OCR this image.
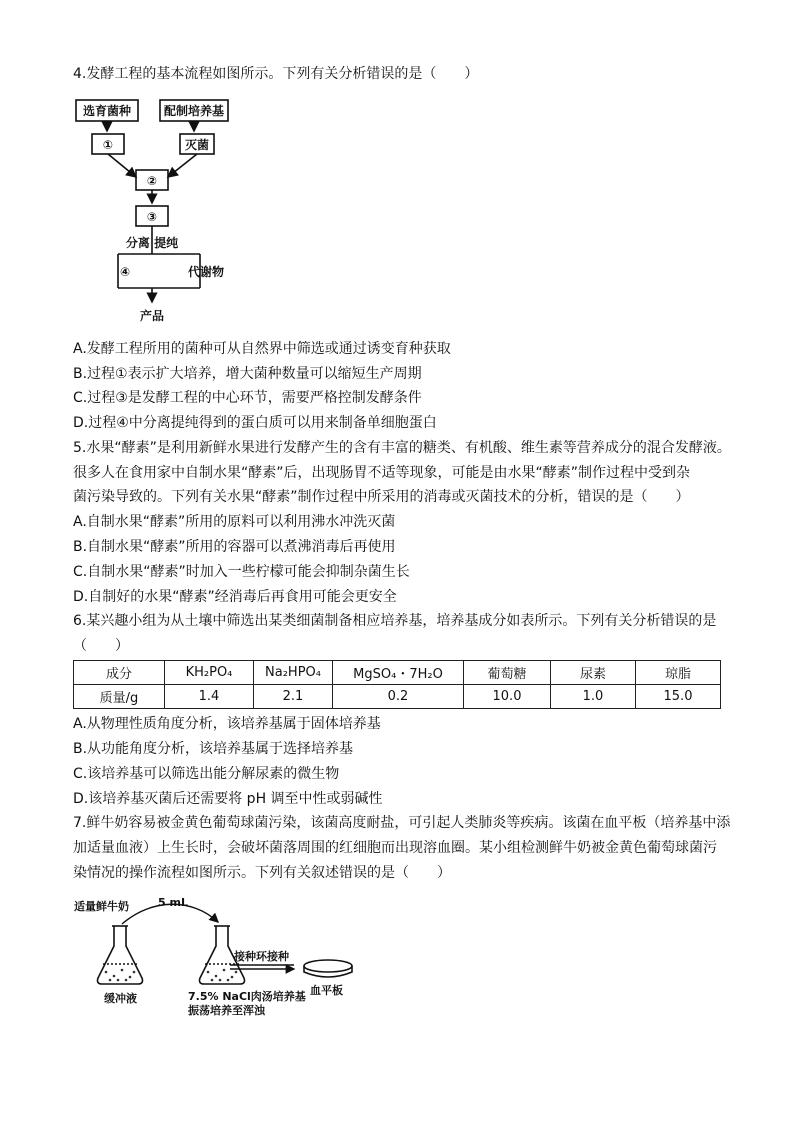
4.发酵工程的基本流程如图所示。下列有关分析错误的是（　　）
选育菌种	配制培养基
①	灭菌
②
③
分离 提纯
④	代谢物
产品
A.发酵工程所用的菌种可从自然界中筛选或通过诱变育种获取
B.过程①表示扩大培养，增大菌种数量可以缩短生产周期
C.过程③是发酵工程的中心环节，需要严格控制发酵条件
D.过程④中分离提纯得到的蛋白质可以用来制备单细胞蛋白
5.水果“酵素”是利用新鲜水果进行发酵产生的含有丰富的糖类、有机酸、维生素等营养成分的混合发酵液。
很多人在食用家中自制水果“酵素”后，出现肠胃不适等现象，可能是由水果“酵素”制作过程中受到杂
菌污染导致的。下列有关水果“酵素”制作过程中所采用的消毒或灭菌技术的分析，错误的是（　　）
A.自制水果“酵素”所用的原料可以利用沸水冲洗灭菌
B.自制水果“酵素”所用的容器可以煮沸消毒后再使用
C.自制水果“酵素”时加入一些柠檬可能会抑制杂菌生长
D.自制好的水果“酵素”经消毒后再食用可能会更安全
6.某兴趣小组为从土壤中筛选出某类细菌制备相应培养基，培养基成分如表所示。下列有关分析错误的是
（　　）
成分	KH₂PO₄	Na₂HPO₄	MgSO₄・7H₂O	葡萄糖	尿素	琼脂
质量/g	1.4	2.1	0.2	10.0	1.0	15.0
A.从物理性质角度分析，该培养基属于固体培养基
B.从功能角度分析，该培养基属于选择培养基
C.该培养基可以筛选出能分解尿素的微生物
D.该培养基灭菌后还需要将 pH 调至中性或弱碱性
7.鲜牛奶容易被金黄色葡萄球菌污染，该菌高度耐盐，可引起人类肺炎等疾病。该菌在血平板（培养基中添
加适量血液）上生长时，会破坏菌落周围的红细胞而出现溶血圈。某小组检测鲜牛奶被金黄色葡萄球菌污
染情况的操作流程如图所示。下列有关叙述错误的是（　　）
适量鲜牛奶	5 mL
缓冲液	7.5% NaCl肉汤培养基
振荡培养至浑浊
接种环接种
血平板
